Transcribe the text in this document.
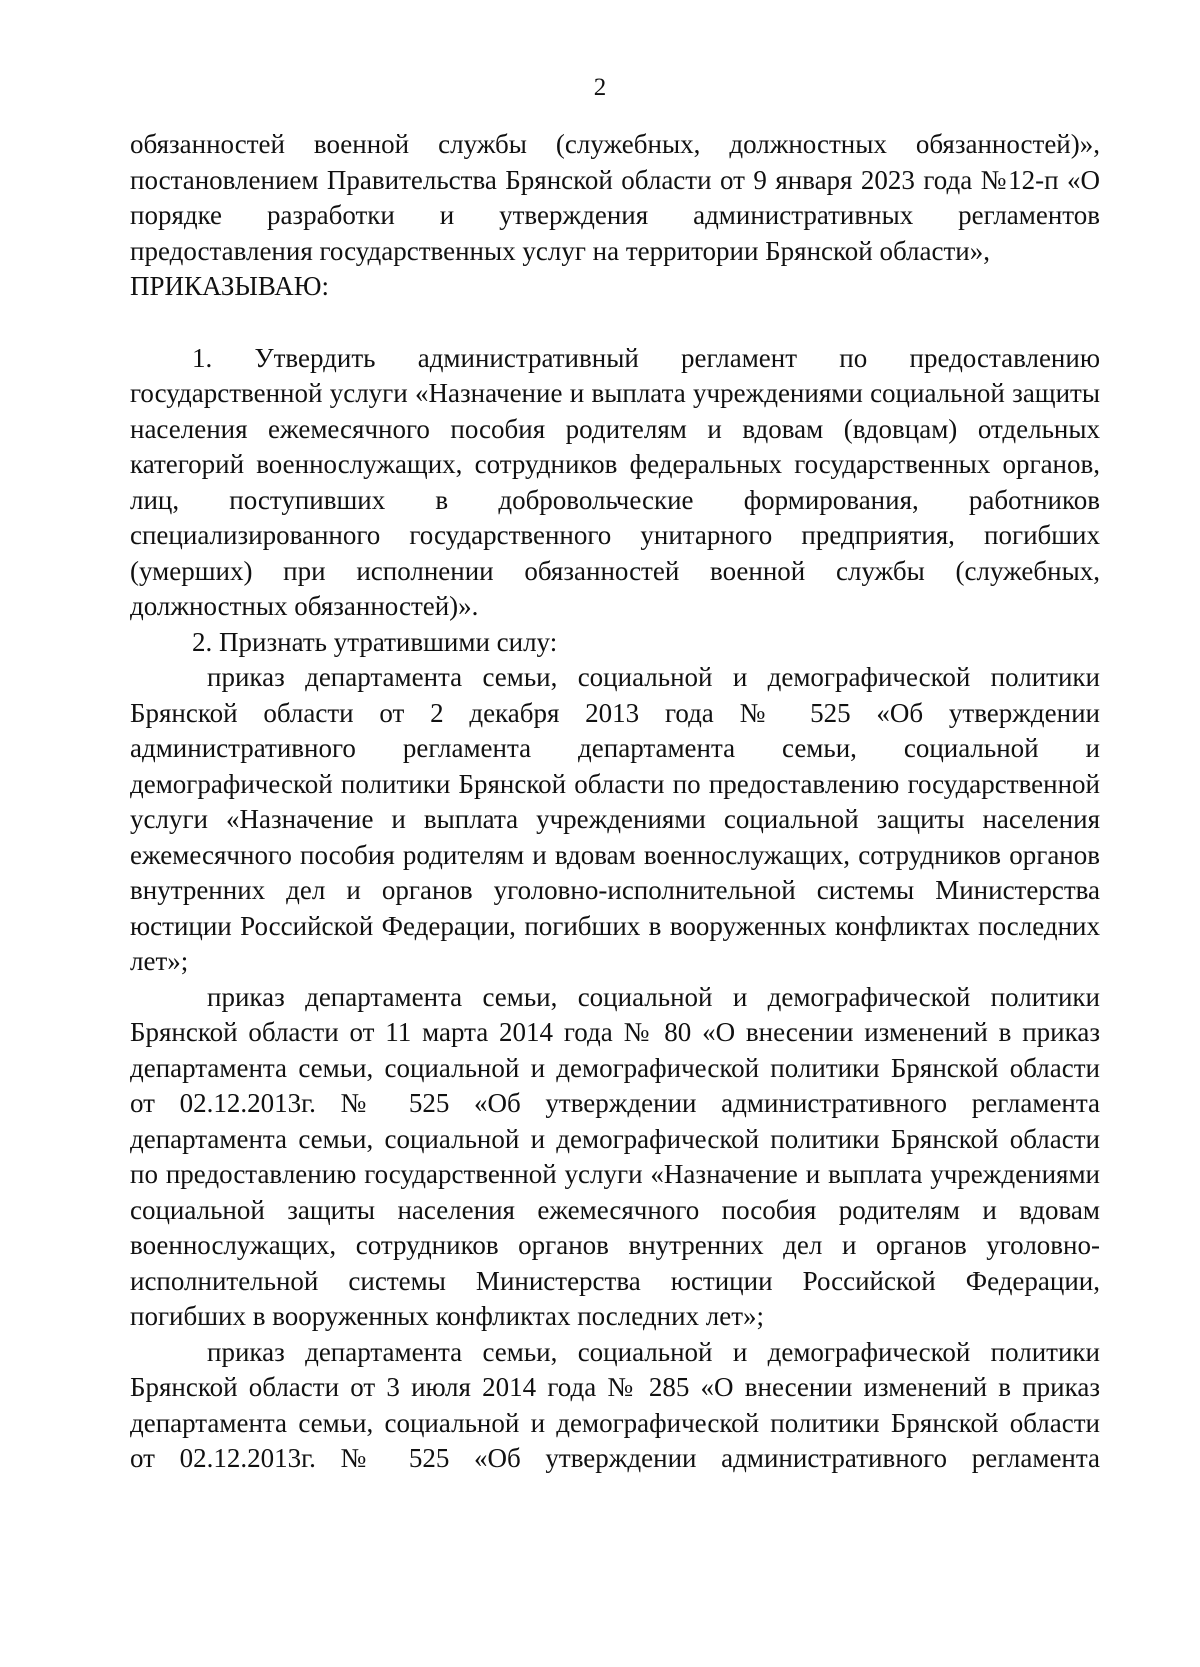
2
обязанностей военной службы (служебных, должностных обязанностей)»,
постановлением Правительства Брянской области от 9 января 2023 года №12-п «О
порядке разработки и утверждения административных регламентов
предоставления государственных услуг на территории Брянской области»,
ПРИКАЗЫВАЮ:
1. Утвердить административный регламент по предоставлению
государственной услуги «Назначение и выплата учреждениями социальной защиты
населения ежемесячного пособия родителям и вдовам (вдовцам) отдельных
категорий военнослужащих, сотрудников федеральных государственных органов,
лиц, поступивших в добровольческие формирования, работников
специализированного государственного унитарного предприятия, погибших
(умерших) при исполнении обязанностей военной службы (служебных,
должностных обязанностей)».
2. Признать утратившими силу:
приказ департамента семьи, социальной и демографической политики
Брянской области от 2 декабря 2013 года № 525 «Об утверждении
административного регламента департамента семьи, социальной и
демографической политики Брянской области по предоставлению государственной
услуги «Назначение и выплата учреждениями социальной защиты населения
ежемесячного пособия родителям и вдовам военнослужащих, сотрудников органов
внутренних дел и органов уголовно-исполнительной системы Министерства
юстиции Российской Федерации, погибших в вооруженных конфликтах последних
лет»;
приказ департамента семьи, социальной и демографической политики
Брянской области от 11 марта 2014 года № 80 «О внесении изменений в приказ
департамента семьи, социальной и демографической политики Брянской области
от 02.12.2013г. № 525 «Об утверждении административного регламента
департамента семьи, социальной и демографической политики Брянской области
по предоставлению государственной услуги «Назначение и выплата учреждениями
социальной защиты населения ежемесячного пособия родителям и вдовам
военнослужащих, сотрудников органов внутренних дел и органов уголовно-
исполнительной системы Министерства юстиции Российской Федерации,
погибших в вооруженных конфликтах последних лет»;
приказ департамента семьи, социальной и демографической политики
Брянской области от 3 июля 2014 года № 285 «О внесении изменений в приказ
департамента семьи, социальной и демографической политики Брянской области
от 02.12.2013г. № 525 «Об утверждении административного регламента
